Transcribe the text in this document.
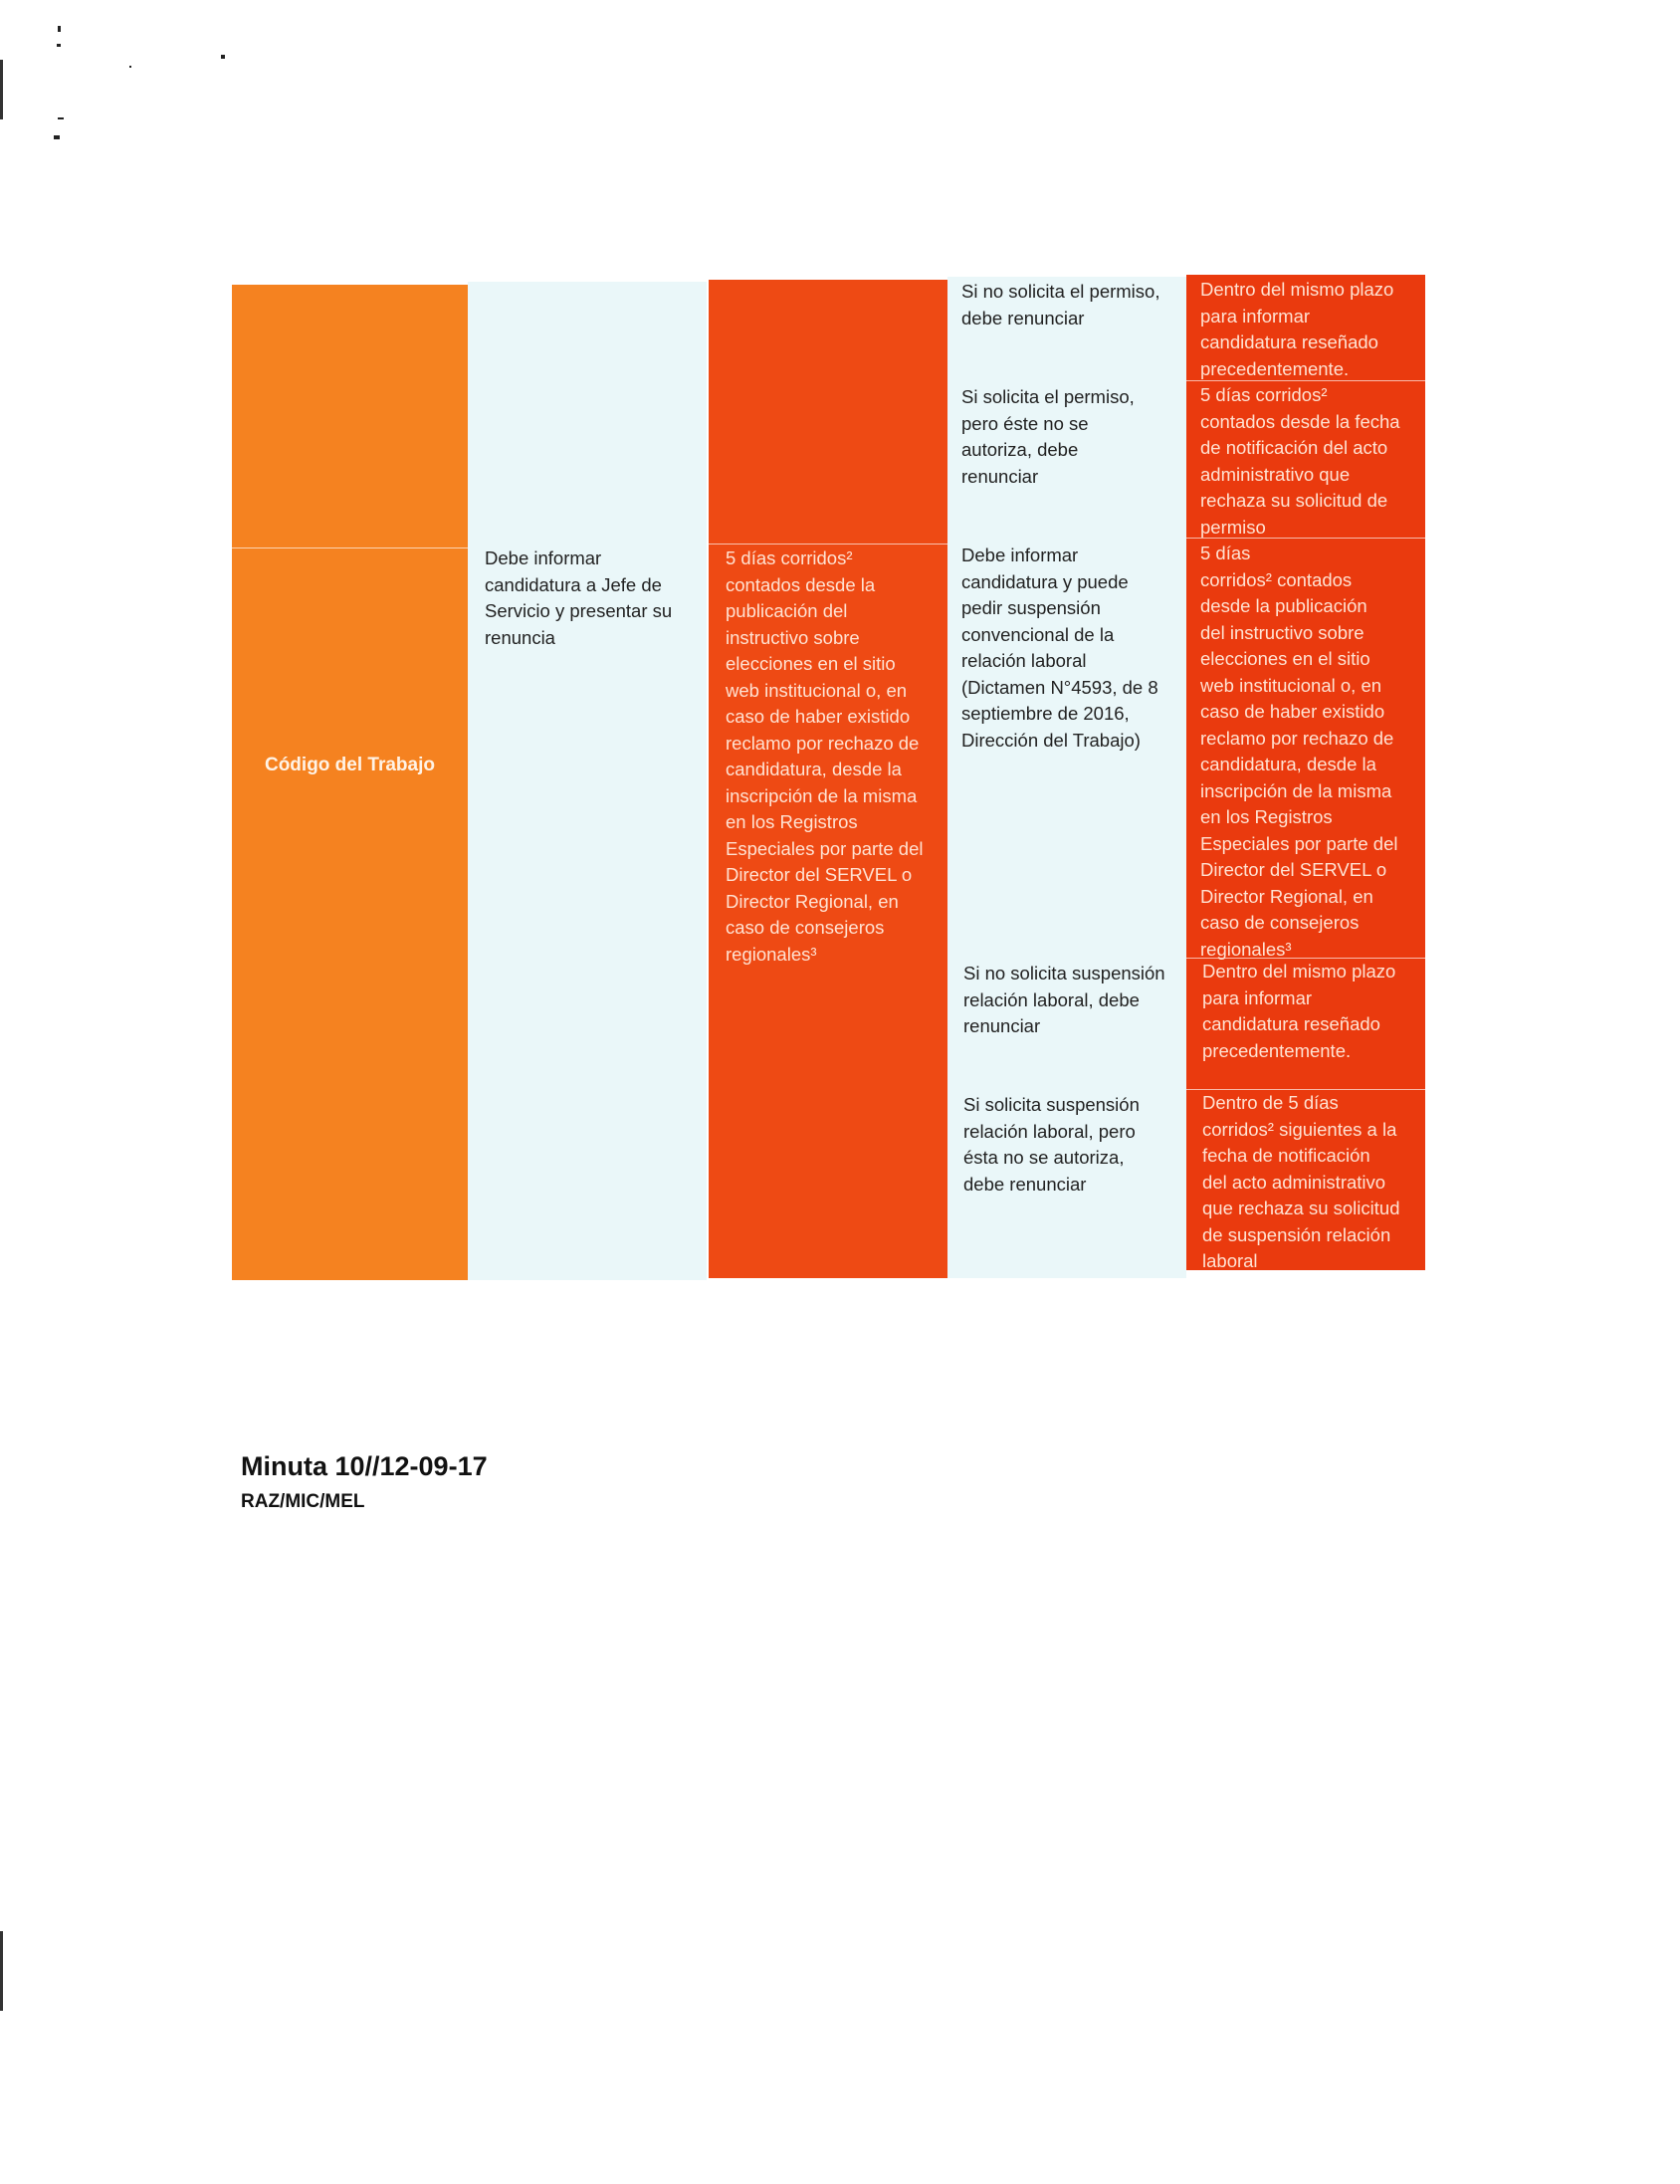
Código del Trabajo
Debe informar
candidatura a Jefe de
Servicio y presentar su
renuncia
5 días corridos²
contados desde la
publicación del
instructivo sobre
elecciones en el sitio
web institucional o, en
caso de haber existido
reclamo por rechazo de
candidatura, desde la
inscripción de la misma
en los Registros
Especiales por parte del
Director del SERVEL o
Director Regional, en
caso de consejeros
regionales³
Si no solicita el permiso,
debe renunciar
Si solicita el permiso,
pero éste no se
autoriza, debe
renunciar
Debe informar
candidatura y puede
pedir suspensión
convencional de la
relación laboral
(Dictamen N°4593, de 8
septiembre de 2016,
Dirección del Trabajo)
Si no solicita suspensión
relación laboral, debe
renunciar
Si solicita suspensión
relación laboral, pero
ésta no se autoriza,
debe renunciar
Dentro del mismo plazo
para informar
candidatura reseñado
precedentemente.
5 días corridos²
contados desde la fecha
de notificación del acto
administrativo que
rechaza su solicitud de
permiso
5 días
corridos² contados
desde la publicación
del instructivo sobre
elecciones en el sitio
web institucional o, en
caso de haber existido
reclamo por rechazo de
candidatura, desde la
inscripción de la misma
en los Registros
Especiales por parte del
Director del SERVEL o
Director Regional, en
caso de consejeros
regionales³
Dentro del mismo plazo
para informar
candidatura reseñado
precedentemente.
Dentro de 5 días
corridos² siguientes a la
fecha de notificación
del acto administrativo
que rechaza su solicitud
de suspensión relación
laboral
Minuta 10//12-09-17
RAZ/MIC/MEL
